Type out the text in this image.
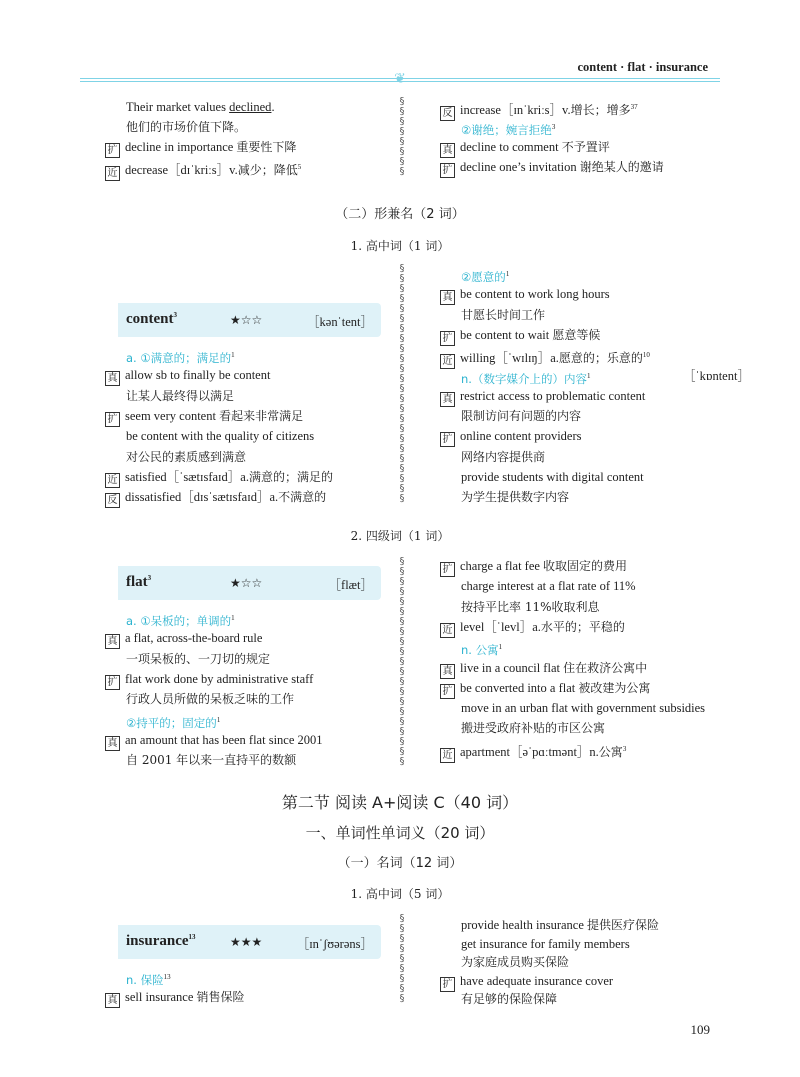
content · flat · insurance
❦
§
§
§
§
§
§
§
§
§
§
§
§
§
§
§
§
§
§
§
§
§
§
§
§
§
§
§
§
§
§
§
§
§
§
§
§
§
§
§
§
§
§
§
§
§
§
§
§
§
§
§
§
§
§
§
§
§
§
§
§
§
§
Their market values declined.
他们的市场价值下降。
扩 decline in importance 重要性下降
近 decrease［dɪˈkriːs］v.减少；降低$^5$
反 increase［ɪnˈkriːs］v.增长；增多$^{37}$
②谢绝；婉言拒绝$^3$
真 decline to comment 不予置评
扩 decline one’s invitation 谢绝某人的邀请
（二）形兼名（2 词）
1. 高中词（1 词）
content$^3$	★☆☆	［kənˈtent］
a. ①满意的；满足的$^1$
真 allow sb to finally be content
让某人最终得以满足
扩 seem very content 看起来非常满足
be content with the quality of citizens
对公民的素质感到满意
近 satisfied［ˈsætɪsfaɪd］a.满意的；满足的
反 dissatisfied［dɪsˈsætɪsfaɪd］a.不满意的
②愿意的$^1$
真 be content to work long hours
甘愿长时间工作
扩 be content to wait 愿意等候
近 willing［ˈwɪlɪŋ］a.愿意的；乐意的$^{10}$
n.（数字媒介上的）内容$^1$	［ˈkɒntent］
真 restrict access to problematic content
限制访问有问题的内容
扩 online content providers
网络内容提供商
provide students with digital content
为学生提供数字内容
2. 四级词（1 词）
flat$^3$	★☆☆	［flæt］
a. ①呆板的；单调的$^1$
真 a flat, across-the-board rule
一项呆板的、一刀切的规定
扩 flat work done by administrative staff
行政人员所做的呆板乏味的工作
②持平的；固定的$^1$
真 an amount that has been flat since 2001
自 2001 年以来一直持平的数额
扩 charge a flat fee 收取固定的费用
charge interest at a flat rate of 11%
按持平比率 11%收取利息
近 level［ˈlevl］a.水平的；平稳的
n. 公寓$^1$
真 live in a council flat 住在救济公寓中
扩 be converted into a flat 被改建为公寓
move in an urban flat with government subsidies
搬进受政府补贴的市区公寓
近 apartment［əˈpɑːtmənt］n.公寓$^3$
第二节 阅读 A+阅读 C（40 词）
一、单词性单词义（20 词）
（一）名词（12 词）
1. 高中词（5 词）
insurance$^{13}$	★★★	［ɪnˈʃʊərəns］
n. 保险$^{13}$
真 sell insurance 销售保险
provide health insurance 提供医疗保险
get insurance for family members
为家庭成员购买保险
扩 have adequate insurance cover
有足够的保险保障
109
